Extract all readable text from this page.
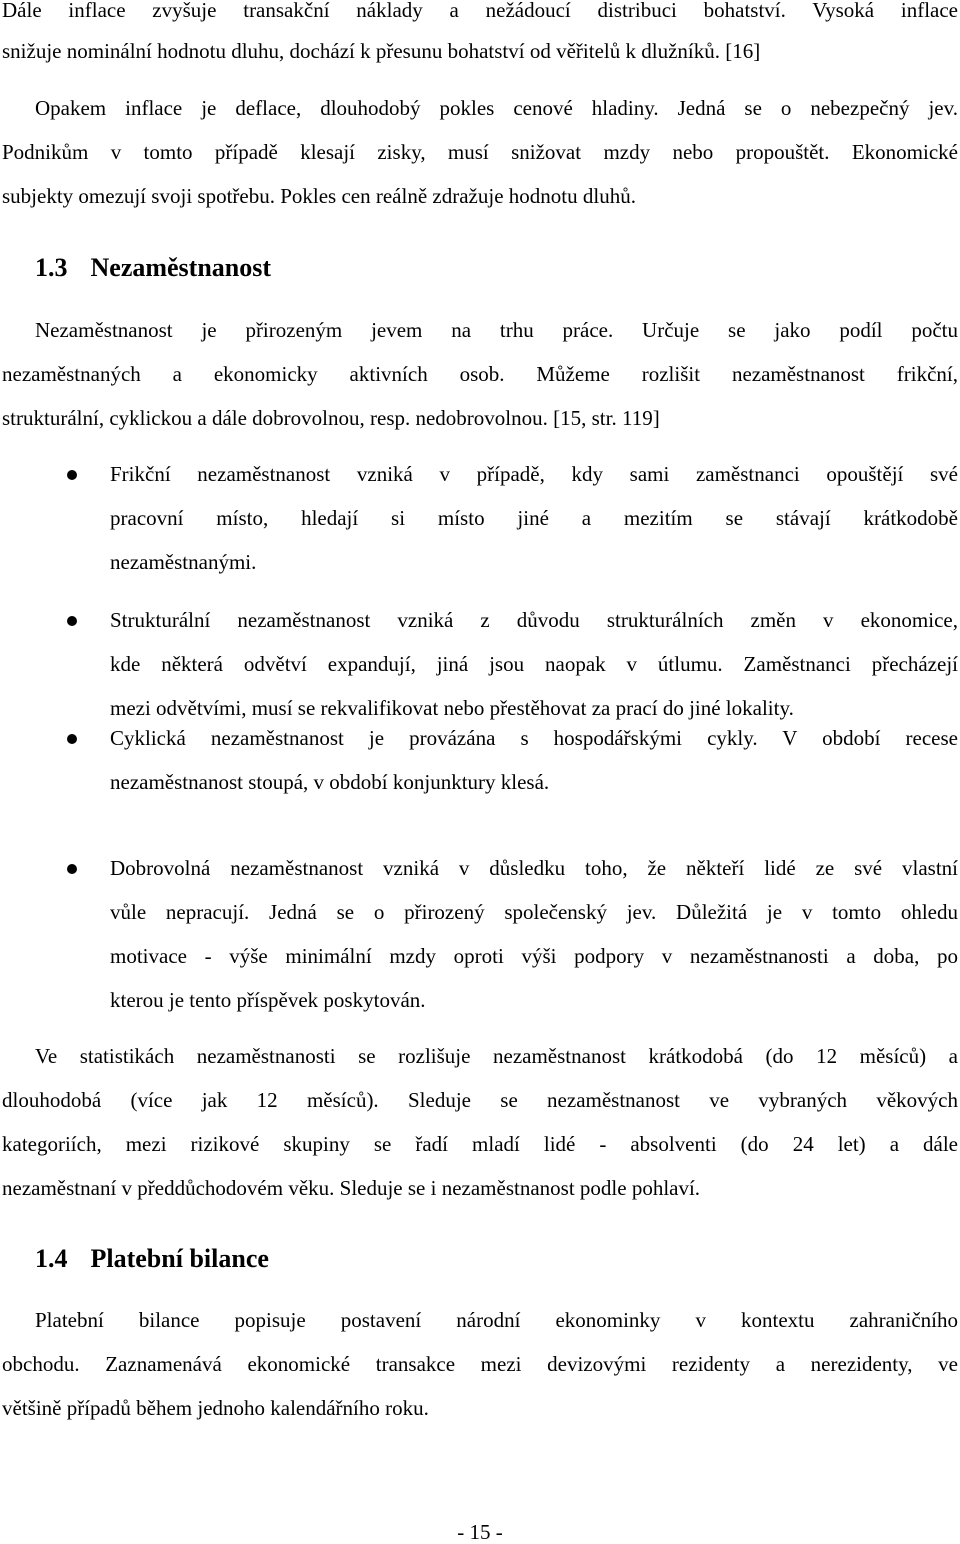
Dále inflace zvyšuje transakční náklady a nežádoucí distribuci bohatství. Vysoká inflace
snižuje nominální hodnotu dluhu, dochází k přesunu bohatství od věřitelů k dlužníků. [16]
Opakem inflace je deflace, dlouhodobý pokles cenové hladiny. Jedná se o nebezpečný jev.
Podnikům v tomto případě klesají zisky, musí snižovat mzdy nebo propouštět. Ekonomické
subjekty omezují svoji spotřebu. Pokles cen reálně zdražuje hodnotu dluhů.
1.3 Nezaměstnanost
Nezaměstnanost je přirozeným jevem na trhu práce. Určuje se jako podíl počtu
nezaměstnaných a ekonomicky aktivních osob. Můžeme rozlišit nezaměstnanost frikční,
strukturální, cyklickou a dále dobrovolnou, resp. nedobrovolnou. [15, str. 119]
Frikční nezaměstnanost vzniká v případě, kdy sami zaměstnanci opouštějí své
pracovní místo, hledají si místo jiné a mezitím se stávají krátkodobě
nezaměstnanými.
Strukturální nezaměstnanost vzniká z důvodu strukturálních změn v ekonomice,
kde některá odvětví expandují, jiná jsou naopak v útlumu. Zaměstnanci přecházejí
mezi odvětvími, musí se rekvalifikovat nebo přestěhovat za prací do jiné lokality.
Cyklická nezaměstnanost je provázána s hospodářskými cykly. V období recese
nezaměstnanost stoupá, v období konjunktury klesá.
Dobrovolná nezaměstnanost vzniká v důsledku toho, že někteří lidé ze své vlastní
vůle nepracují. Jedná se o přirozený společenský jev. Důležitá je v tomto ohledu
motivace - výše minimální mzdy oproti výši podpory v nezaměstnanosti a doba, po
kterou je tento příspěvek poskytován.
Ve statistikách nezaměstnanosti se rozlišuje nezaměstnanost krátkodobá (do 12 měsíců) a
dlouhodobá (více jak 12 měsíců). Sleduje se nezaměstnanost ve vybraných věkových
kategoriích, mezi rizikové skupiny se řadí mladí lidé - absolventi (do 24 let) a dále
nezaměstnaní v předdůchodovém věku. Sleduje se i nezaměstnanost podle pohlaví.
1.4 Platební bilance
Platební bilance popisuje postavení národní ekonominky v kontextu zahraničního
obchodu. Zaznamenává ekonomické transakce mezi devizovými rezidenty a nerezidenty, ve
většině případů během jednoho kalendářního roku.
- 15 -
